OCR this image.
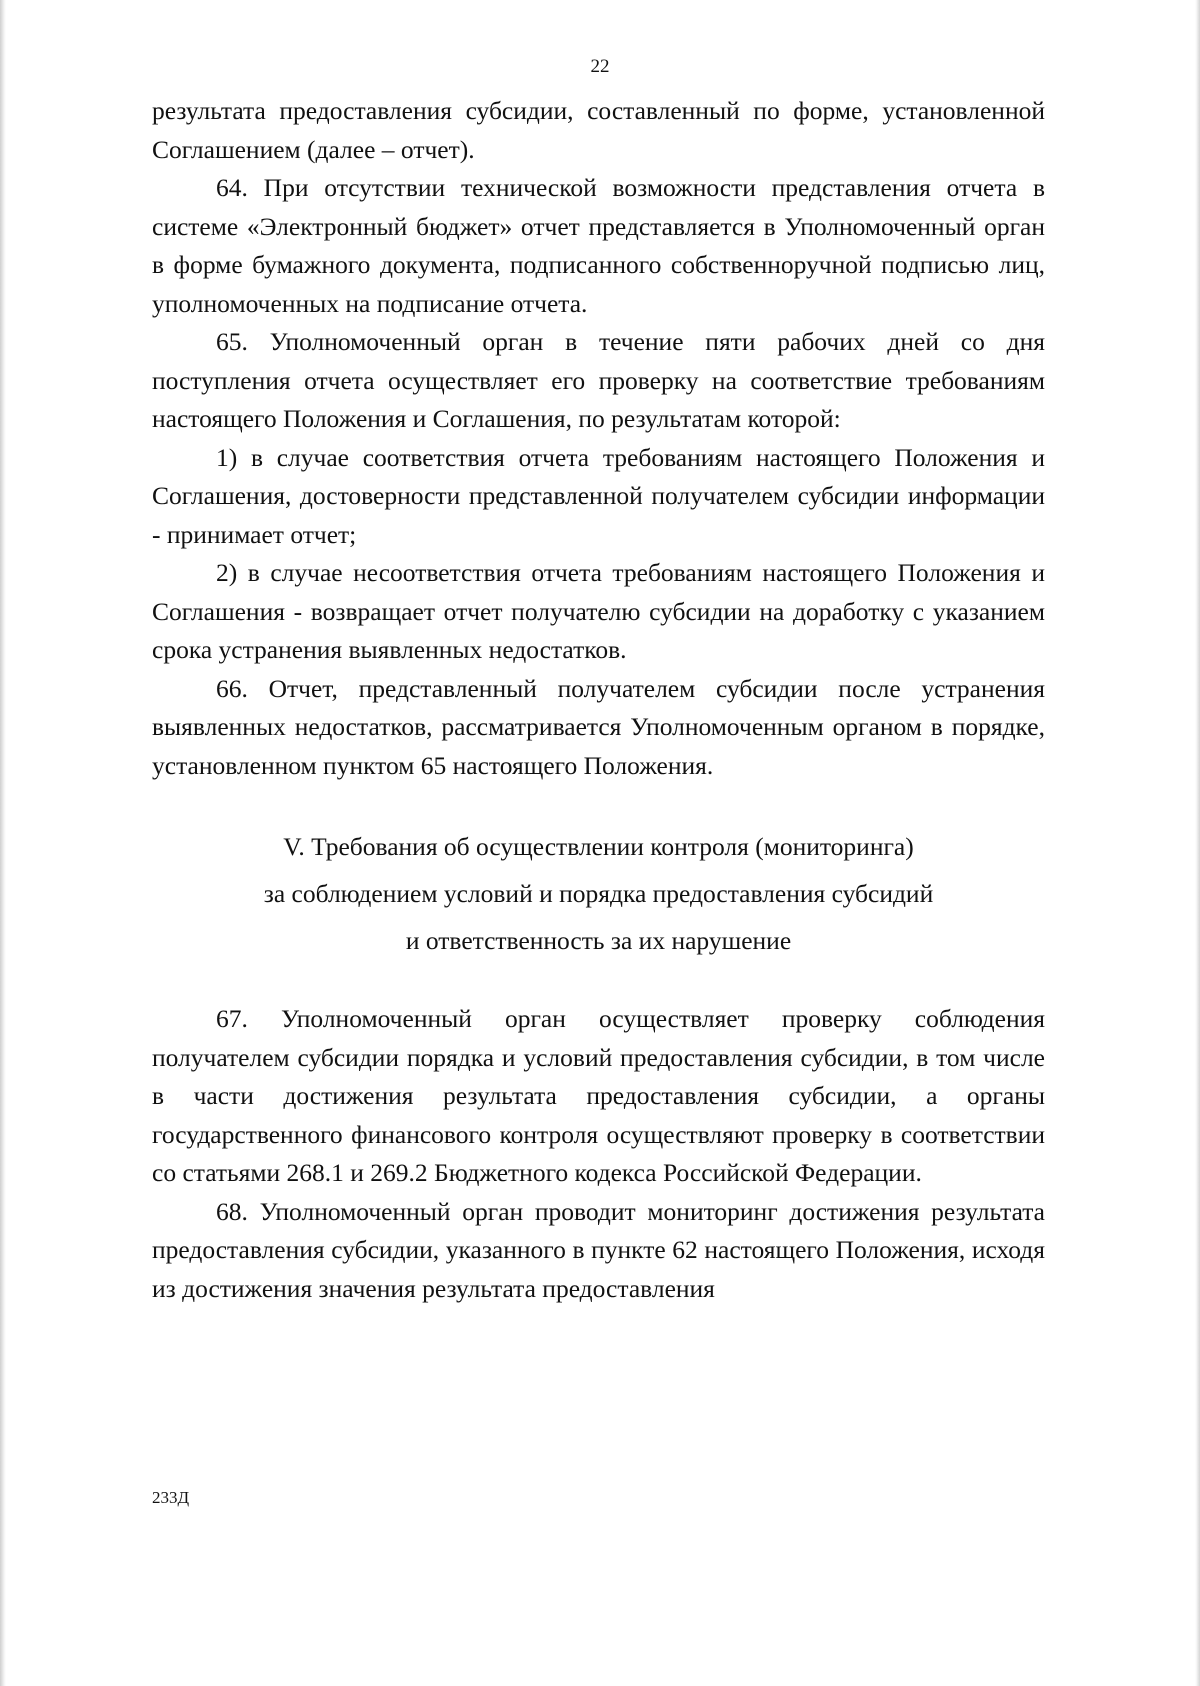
22

результата предоставления субсидии, составленный по форме, установленной Соглашением (далее – отчет).

64. При отсутствии технической возможности представления отчета в системе «Электронный бюджет» отчет представляется в Уполномоченный орган в форме бумажного документа, подписанного собственноручной подписью лиц, уполномоченных на подписание отчета.

65. Уполномоченный орган в течение пяти рабочих дней со дня поступления отчета осуществляет его проверку на соответствие требованиям настоящего Положения и Соглашения, по результатам которой:

1) в случае соответствия отчета требованиям настоящего Положения и Соглашения, достоверности представленной получателем субсидии информации - принимает отчет;

2) в случае несоответствия отчета требованиям настоящего Положения и Соглашения - возвращает отчет получателю субсидии на доработку с указанием срока устранения выявленных недостатков.

66. Отчет, представленный получателем субсидии после устранения выявленных недостатков, рассматривается Уполномоченным органом в порядке, установленном пунктом 65 настоящего Положения.

V. Требования об осуществлении контроля (мониторинга)
за соблюдением условий и порядка предоставления субсидий
и ответственность за их нарушение

67. Уполномоченный орган осуществляет проверку соблюдения получателем субсидии порядка и условий предоставления субсидии, в том числе в части достижения результата предоставления субсидии, а органы государственного финансового контроля осуществляют проверку в соответствии со статьями 268.1 и 269.2 Бюджетного кодекса Российской Федерации.

68. Уполномоченный орган проводит мониторинг достижения результата предоставления субсидии, указанного в пункте 62 настоящего Положения, исходя из достижения значения результата предоставления

233Д
